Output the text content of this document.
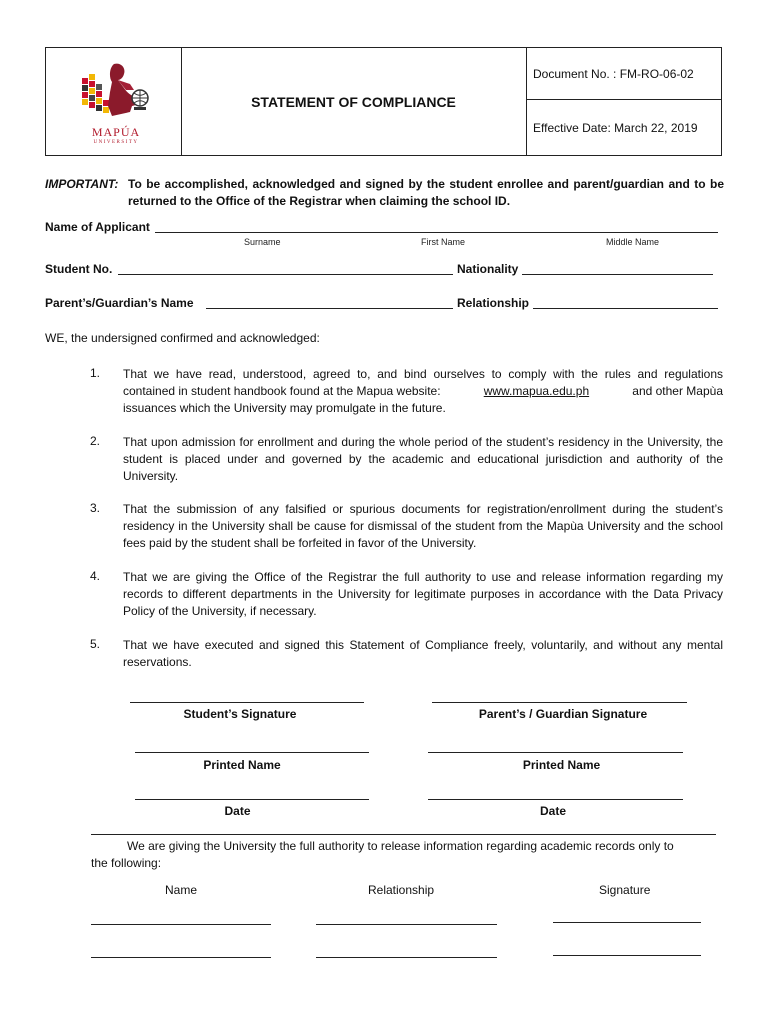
MAPÚA
UNIVERSITY
STATEMENT OF COMPLIANCE
Document No. : FM-RO-06-02
Effective Date: March 22, 2019
IMPORTANT: To be accomplished, acknowledged and signed by the student enrollee and parent/guardian and to be
returned to the Office of the Registrar when claiming the school ID.
Name of Applicant
Surname	First Name	Middle Name
Student No.	Nationality
Parent’s/Guardian’s Name	Relationship
WE, the undersigned confirmed and acknowledged:
1. That we have read, understood, agreed to, and bind ourselves to comply with the rules and regulations
contained in student handbook found at the Mapua website:	www.mapua.edu.ph	and other Mapùa
issuances which the University may promulgate in the future.
2. That upon admission for enrollment and during the whole period of the student’s residency in the University, the student is placed under and governed by the academic and educational jurisdiction and authority of the University.
3. That the submission of any falsified or spurious documents for registration/enrollment during the student’s residency in the University shall be cause for dismissal of the student from the Mapùa University and the school fees paid by the student shall be forfeited in favor of the University.
4. That we are giving the Office of the Registrar the full authority to use and release information regarding my records to different departments in the University for legitimate purposes in accordance with the Data Privacy Policy of the University, if necessary.
5. That we have executed and signed this Statement of Compliance freely, voluntarily, and without any mental reservations.
Student’s Signature	Parent’s / Guardian Signature
Printed Name	Printed Name
Date	Date
We are giving the University the full authority to release information regarding academic records only to
the following:
Name	Relationship	Signature
